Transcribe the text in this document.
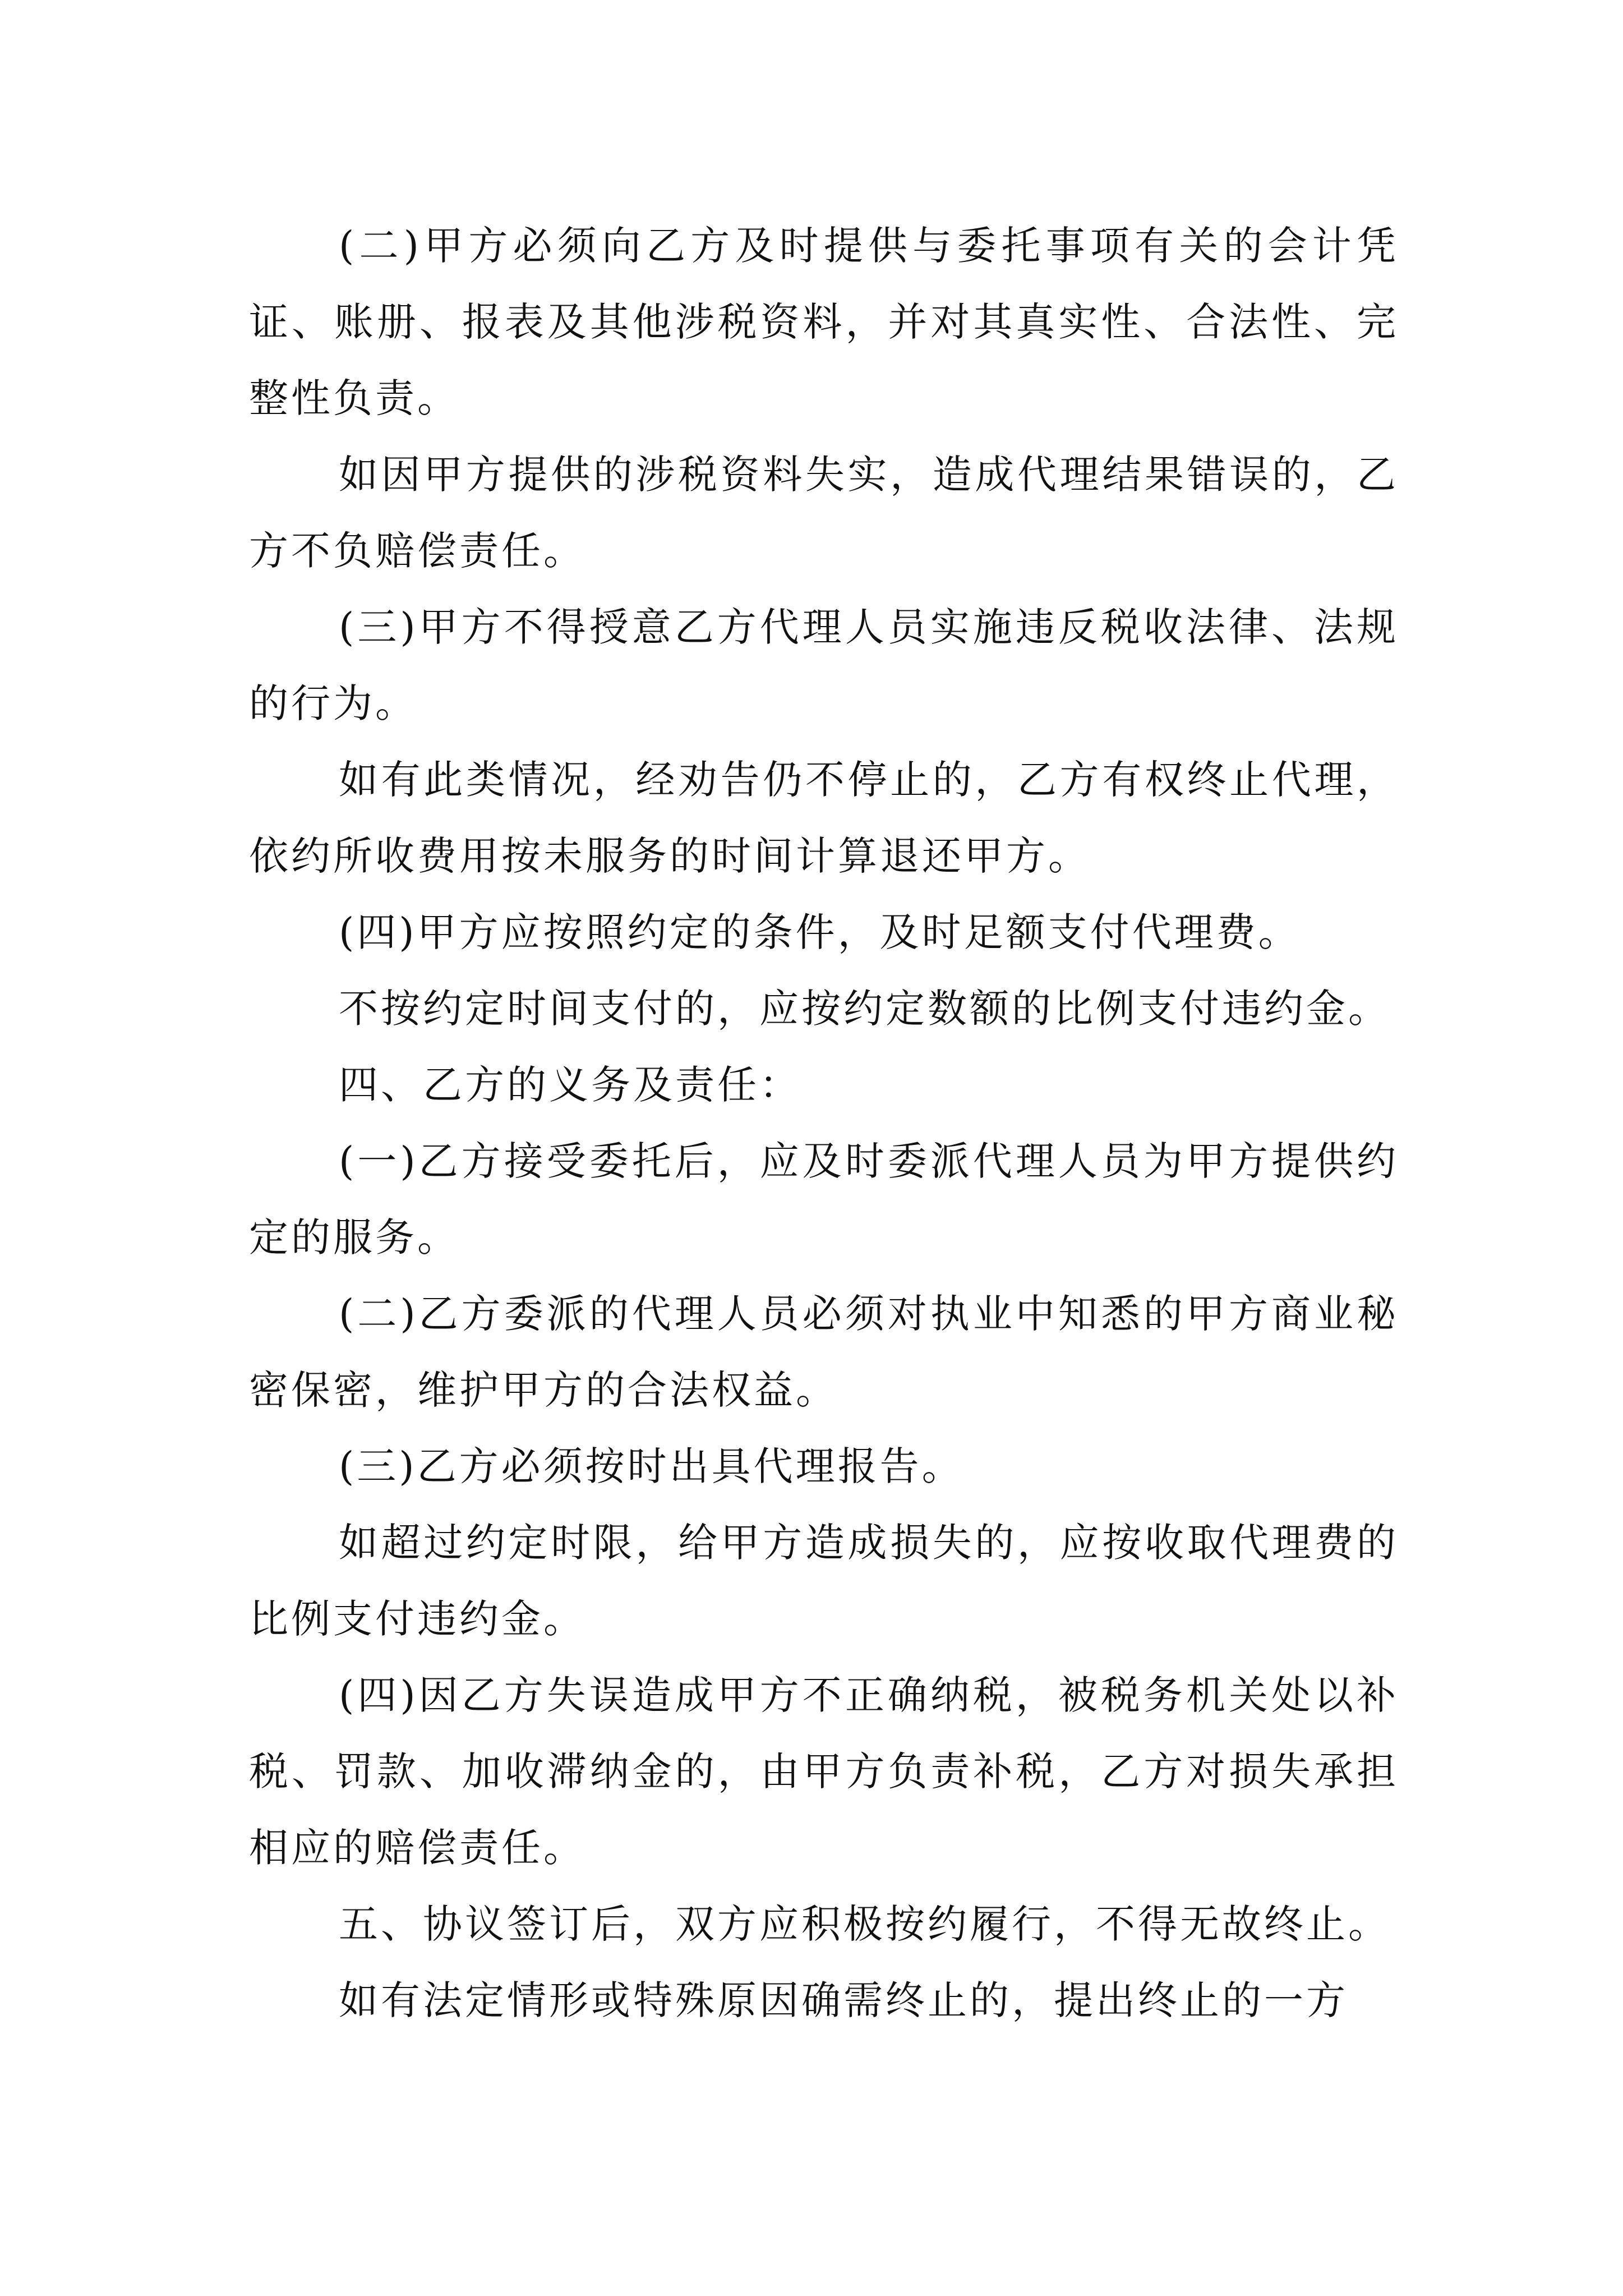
(二)甲方必须向乙方及时提供与委托事项有关的会计凭证、账册、报表及其他涉税资料，并对其真实性、合法性、完整性负责。

如因甲方提供的涉税资料失实，造成代理结果错误的，乙方不负赔偿责任。

(三)甲方不得授意乙方代理人员实施违反税收法律、法规的行为。

如有此类情况，经劝告仍不停止的，乙方有权终止代理，依约所收费用按未服务的时间计算退还甲方。

(四)甲方应按照约定的条件，及时足额支付代理费。

不按约定时间支付的，应按约定数额的比例支付违约金。

四、乙方的义务及责任：

(一)乙方接受委托后，应及时委派代理人员为甲方提供约定的服务。

(二)乙方委派的代理人员必须对执业中知悉的甲方商业秘密保密，维护甲方的合法权益。

(三)乙方必须按时出具代理报告。

如超过约定时限，给甲方造成损失的，应按收取代理费的比例支付违约金。

(四)因乙方失误造成甲方不正确纳税，被税务机关处以补税、罚款、加收滞纳金的，由甲方负责补税，乙方对损失承担相应的赔偿责任。

五、协议签订后，双方应积极按约履行，不得无故终止。

如有法定情形或特殊原因确需终止的，提出终止的一方
